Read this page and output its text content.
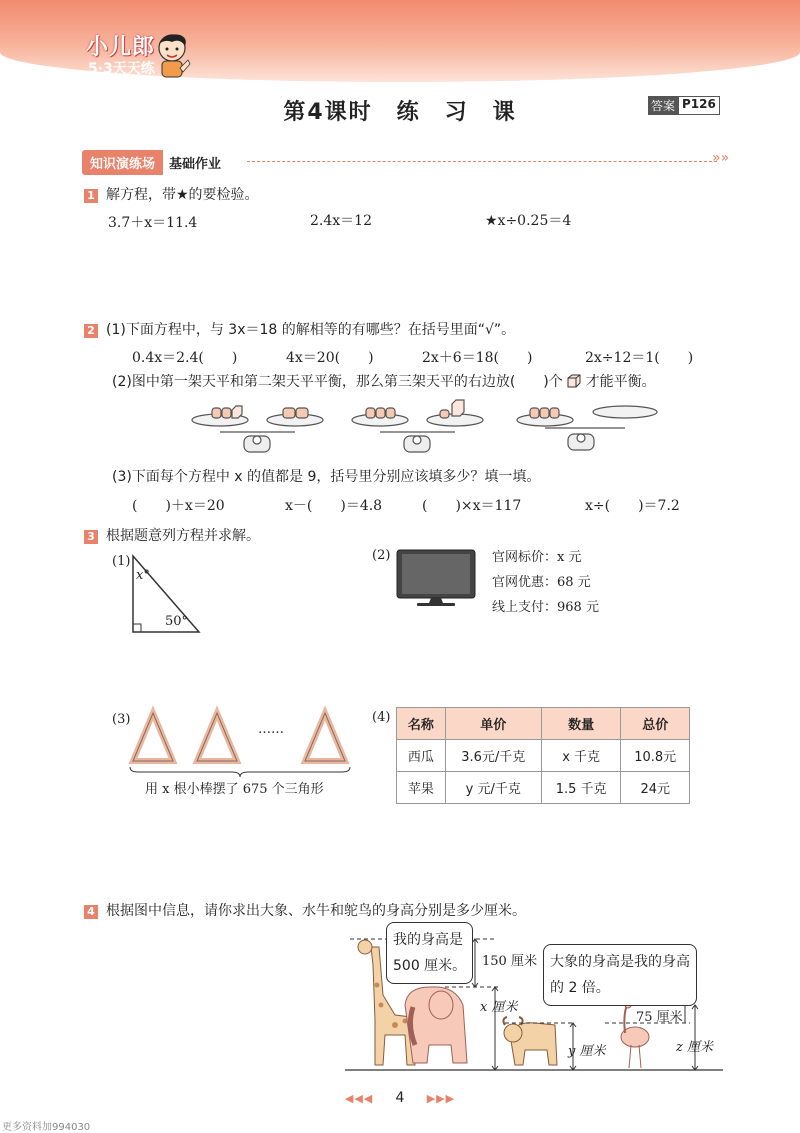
小儿郎
5·3天天练
第4课时　练　习　课	答案 P126
知识演练场	基础作业	»»
1 解方程，带★的要检验。
3.7＋x＝11.4	2.4x＝12	★x÷0.25＝4
2 (1)下面方程中，与 3x＝18 的解相等的有哪些？在括号里面“√”。
0.4x＝2.4(　　)	4x＝20(　　)	2x＋6＝18(　　)	2x÷12＝1(　　)
(2)图中第一架天平和第二架天平平衡，那么第三架天平的右边放(　　)个 才能平衡。
(3)下面每个方程中 x 的值都是 9，括号里分别应该填多少？填一填。
(　　)＋x＝20	x－(　　)＝4.8	(　　)×x＝117	x÷(　　)＝7.2
3 根据题意列方程并求解。
(1)
x°
50°
(2)	官网标价：x 元
官网优惠：68 元
线上支付：968 元
(3)
……
用 x 根小棒摆了 675 个三角形
(4)
名称	单价	数量	总价
西瓜	3.6元/千克	x 千克	10.8元
苹果	y 元/千克	1.5 千克	24元
4 根据图中信息，请你求出大象、水牛和鸵鸟的身高分别是多少厘米。
我的身高是
500 厘米。	大象的身高是我的身高
的 2 倍。
150 厘米
x 厘米
y 厘米
75 厘米
z 厘米
◀◀◀ 4 ▶▶▶
更多资料加994030
